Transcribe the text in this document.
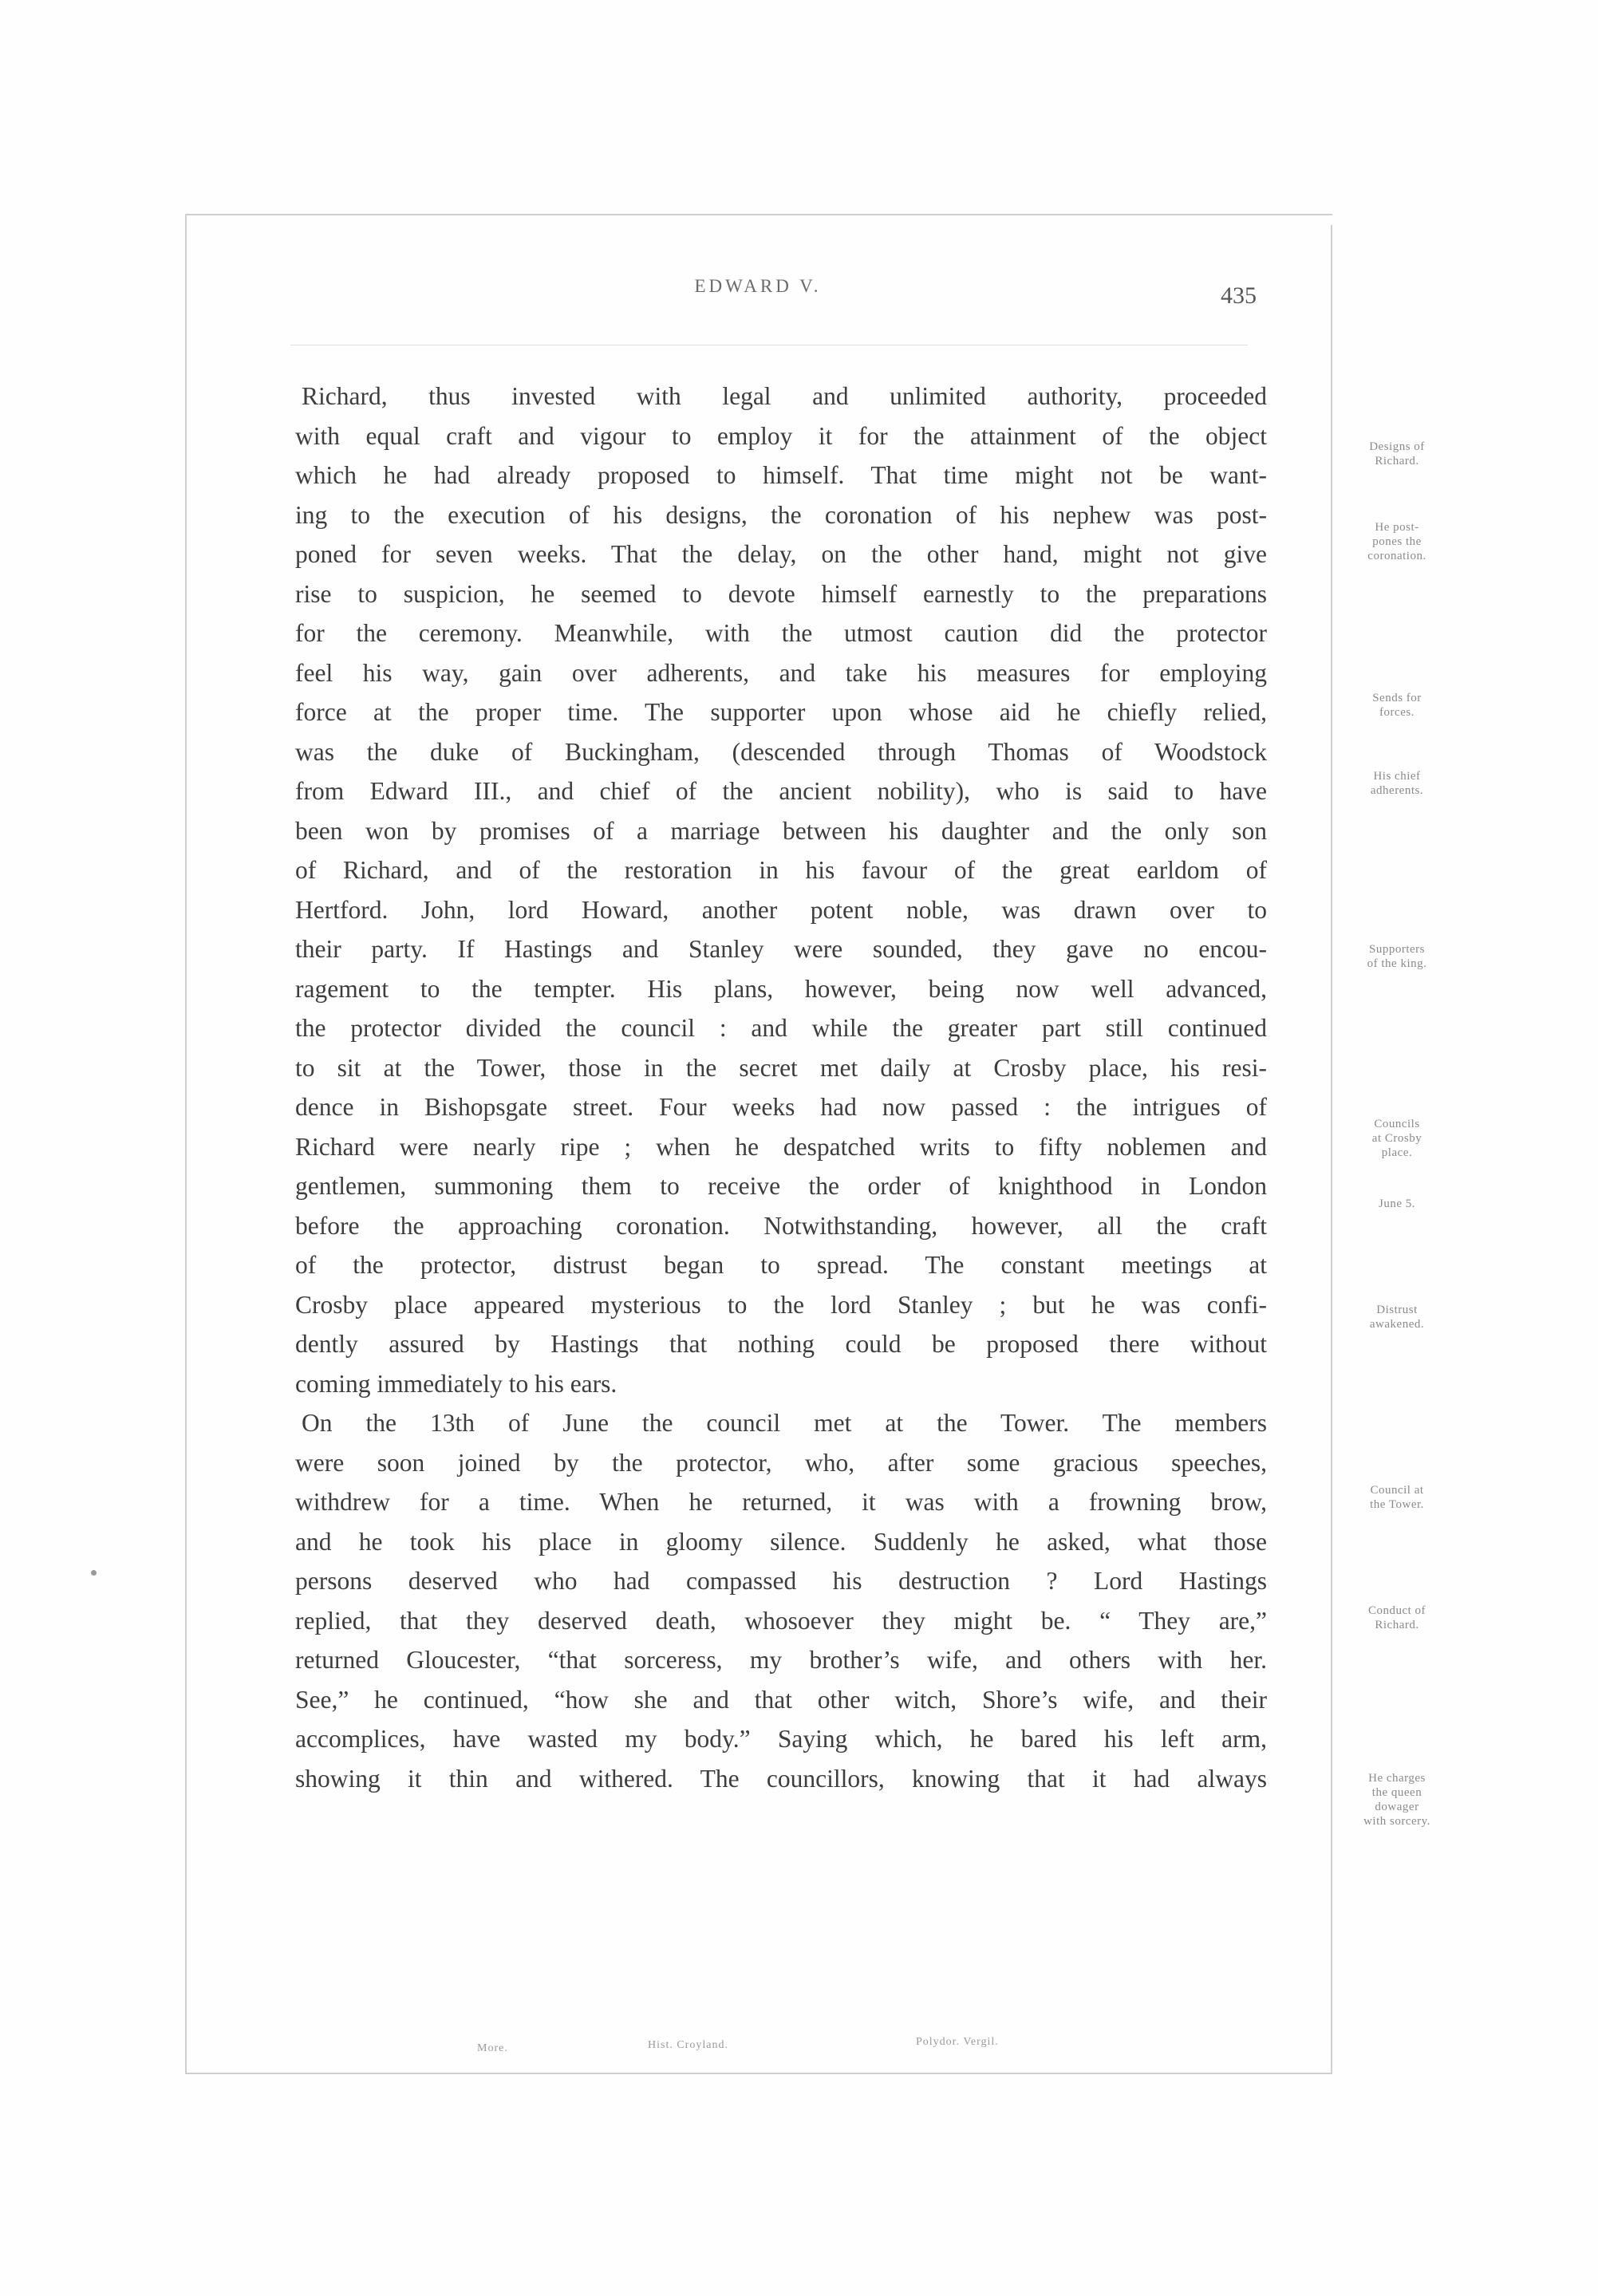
EDWARD V.	435
Richard, thus invested with legal and unlimited authority, proceeded
with equal craft and vigour to employ it for the attainment of the object
which he had already proposed to himself. That time might not be want-
ing to the execution of his designs, the coronation of his nephew was post-
poned for seven weeks. That the delay, on the other hand, might not give
rise to suspicion, he seemed to devote himself earnestly to the preparations
for the ceremony. Meanwhile, with the utmost caution did the protector
feel his way, gain over adherents, and take his measures for employing
force at the proper time. The supporter upon whose aid he chiefly relied,
was the duke of Buckingham, (descended through Thomas of Woodstock
from Edward III., and chief of the ancient nobility), who is said to have
been won by promises of a marriage between his daughter and the only son
of Richard, and of the restoration in his favour of the great earldom of
Hertford. John, lord Howard, another potent noble, was drawn over to
their party. If Hastings and Stanley were sounded, they gave no encou-
ragement to the tempter. His plans, however, being now well advanced,
the protector divided the council : and while the greater part still continued
to sit at the Tower, those in the secret met daily at Crosby place, his resi-
dence in Bishopsgate street. Four weeks had now passed : the intrigues of
Richard were nearly ripe ; when he despatched writs to fifty noblemen and
gentlemen, summoning them to receive the order of knighthood in London
before the approaching coronation. Notwithstanding, however, all the craft
of the protector, distrust began to spread. The constant meetings at
Crosby place appeared mysterious to the lord Stanley ; but he was confi-
dently assured by Hastings that nothing could be proposed there without
coming immediately to his ears.
On the 13th of June the council met at the Tower. The members
were soon joined by the protector, who, after some gracious speeches,
withdrew for a time. When he returned, it was with a frowning brow,
and he took his place in gloomy silence. Suddenly he asked, what those
persons deserved who had compassed his destruction ? Lord Hastings
replied, that they deserved death, whosoever they might be. “ They are,”
returned Gloucester, “that sorceress, my brother’s wife, and others with her.
See,” he continued, “how she and that other witch, Shore’s wife, and their
accomplices, have wasted my body.” Saying which, he bared his left arm,
showing it thin and withered. The councillors, knowing that it had always
Designs of
Richard.
He post-
pones the
coronation.
Sends for
forces.
His chief
adherents.
Supporters
of the king.
Councils
at Crosby
place.
June 5.
Distrust
awakened.
Council at
the Tower.
Conduct of
Richard.
He charges
the queen
dowager
with sorcery.
More.	Hist. Croyland.	Polydor. Vergil.
